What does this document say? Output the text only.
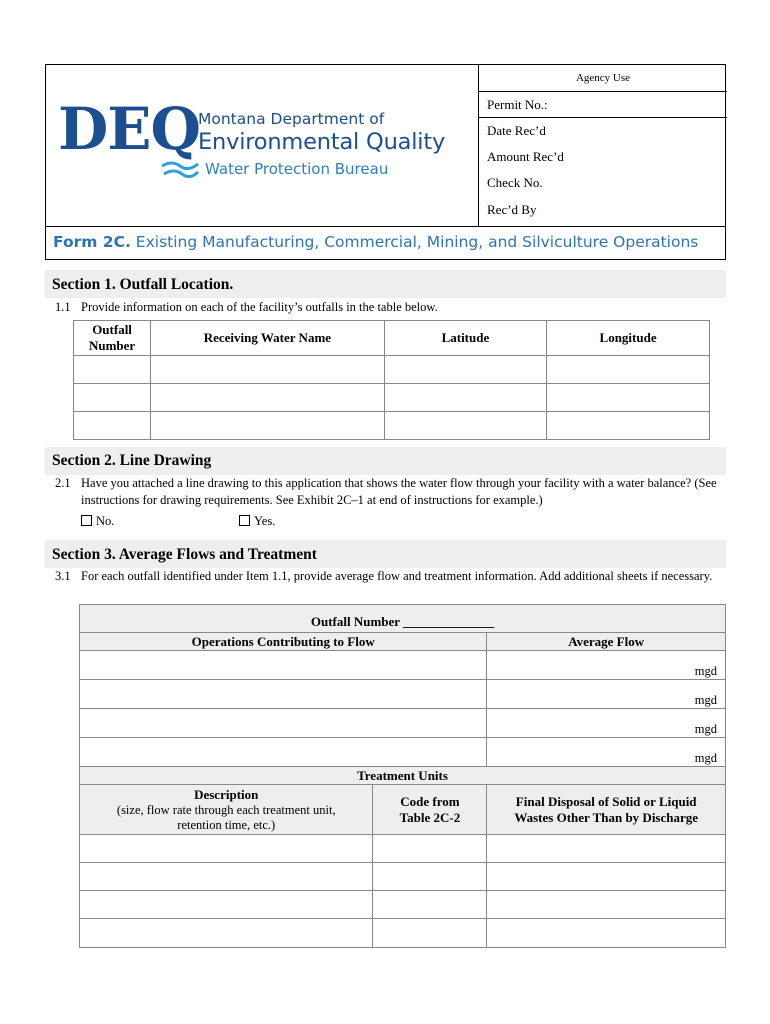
DEQ
Montana Department of
Environmental Quality
Water Protection Bureau
Agency Use
Permit No.:
Date Rec’d
Amount Rec’d
Check No.
Rec’d By
Form 2C. Existing Manufacturing, Commercial, Mining, and Silviculture Operations
Section 1. Outfall Location.
1.1 Provide information on each of the facility’s outfalls in the table below.
Outfall Number	Receiving Water Name	Latitude	Longitude

Section 2. Line Drawing
2.1 Have you attached a line drawing to this application that shows the water flow through your facility with a water balance? (See instructions for drawing requirements. See Exhibit 2C–1 at end of instructions for example.)
No.	Yes.
Section 3. Average Flows and Treatment
3.1 For each outfall identified under Item 1.1, provide average flow and treatment information. Add additional sheets if necessary.
Outfall Number ______________		
Operations Contributing to Flow		Average Flow
		mgd
		mgd
		mgd
		mgd
Treatment Units		

Description
(size, flow rate through each treatment unit, retention time, etc.)	Code from Table 2C-2	Final Disposal of Solid or Liquid Wastes Other Than by Discharge
